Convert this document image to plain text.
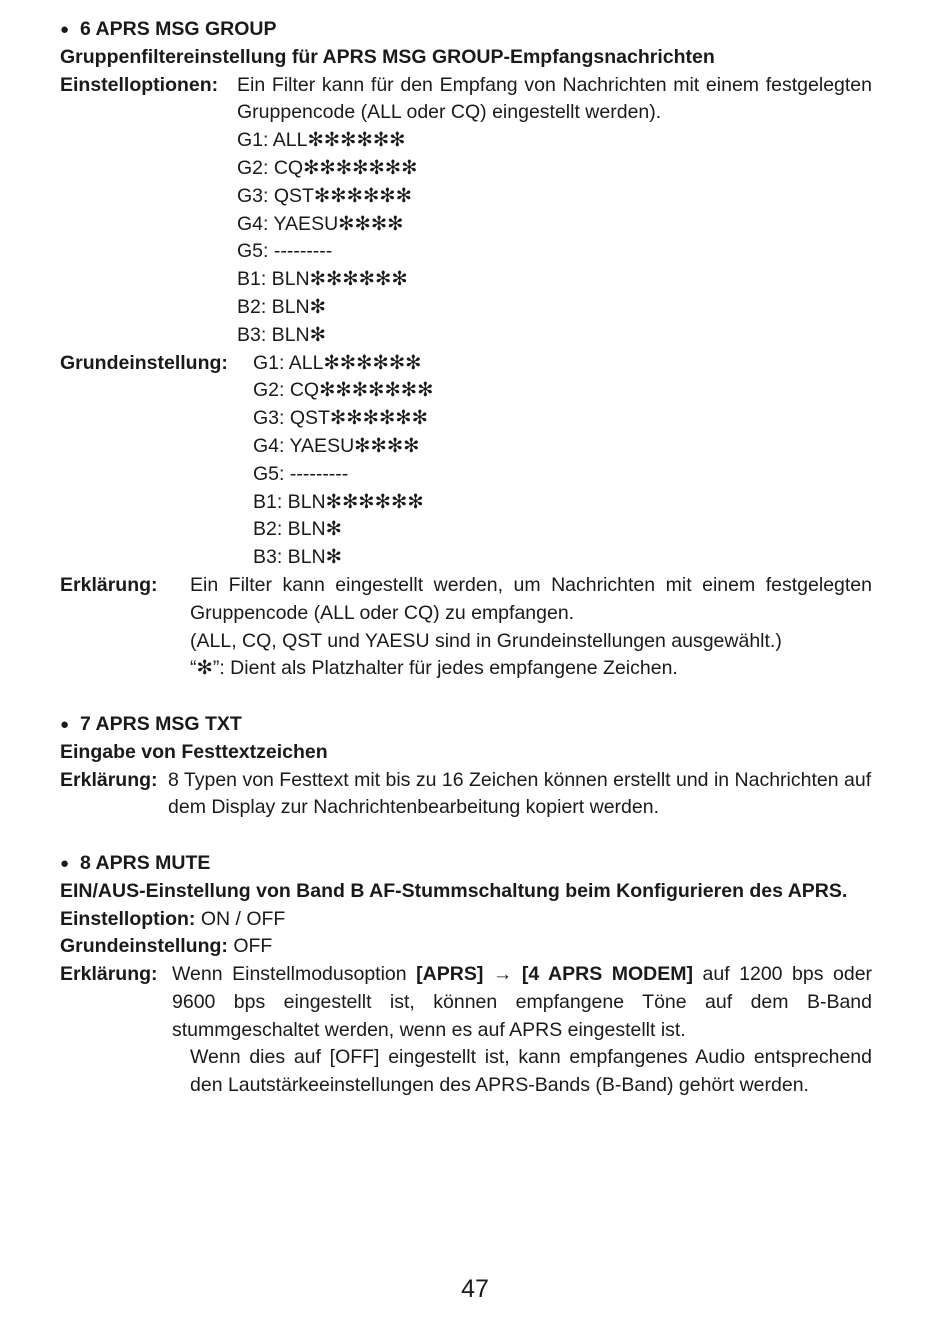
● 6 APRS MSG GROUP
Gruppenfiltereinstellung für APRS MSG GROUP-Empfangsnachrichten
Einstelloptionen: Ein Filter kann für den Empfang von Nachrichten mit einem festgelegten Gruppencode (ALL oder CQ) eingestellt werden).
G1: ALL✻✻✻✻✻✻
G2: CQ✻✻✻✻✻✻✻
G3: QST✻✻✻✻✻✻
G4: YAESU✻✻✻✻
G5: ---------
B1: BLN✻✻✻✻✻✻
B2: BLN✻
B3: BLN✻
Grundeinstellung:	G1: ALL✻✻✻✻✻✻
G2: CQ✻✻✻✻✻✻✻
G3: QST✻✻✻✻✻✻
G4: YAESU✻✻✻✻
G5: ---------
B1: BLN✻✻✻✻✻✻
B2: BLN✻
B3: BLN✻
Erklärung:	Ein Filter kann eingestellt werden, um Nachrichten mit einem festgelegten Gruppencode (ALL oder CQ) zu empfangen.
(ALL, CQ, QST und YAESU sind in Grundeinstellungen ausgewählt.)
“✻”: Dient als Platzhalter für jedes empfangene Zeichen.
● 7 APRS MSG TXT
Eingabe von Festtextzeichen
Erklärung: 8 Typen von Festtext mit bis zu 16 Zeichen können erstellt und in Nachrichten auf dem Display zur Nachrichtenbearbeitung kopiert werden.
● 8 APRS MUTE
EIN/AUS-Einstellung von Band B AF-Stummschaltung beim Konfigurieren des APRS.
Einstelloption: ON / OFF
Grundeinstellung: OFF
Erklärung: Wenn Einstellmodusoption [APRS] → [4 APRS MODEM] auf 1200 bps oder 9600 bps eingestellt ist, können empfangene Töne auf dem B-Band stummgeschaltet werden, wenn es auf APRS eingestellt ist.
Wenn dies auf [OFF] eingestellt ist, kann empfangenes Audio entsprechend den Lautstärkeeinstellungen des APRS-Bands (B-Band) gehört werden.
47
